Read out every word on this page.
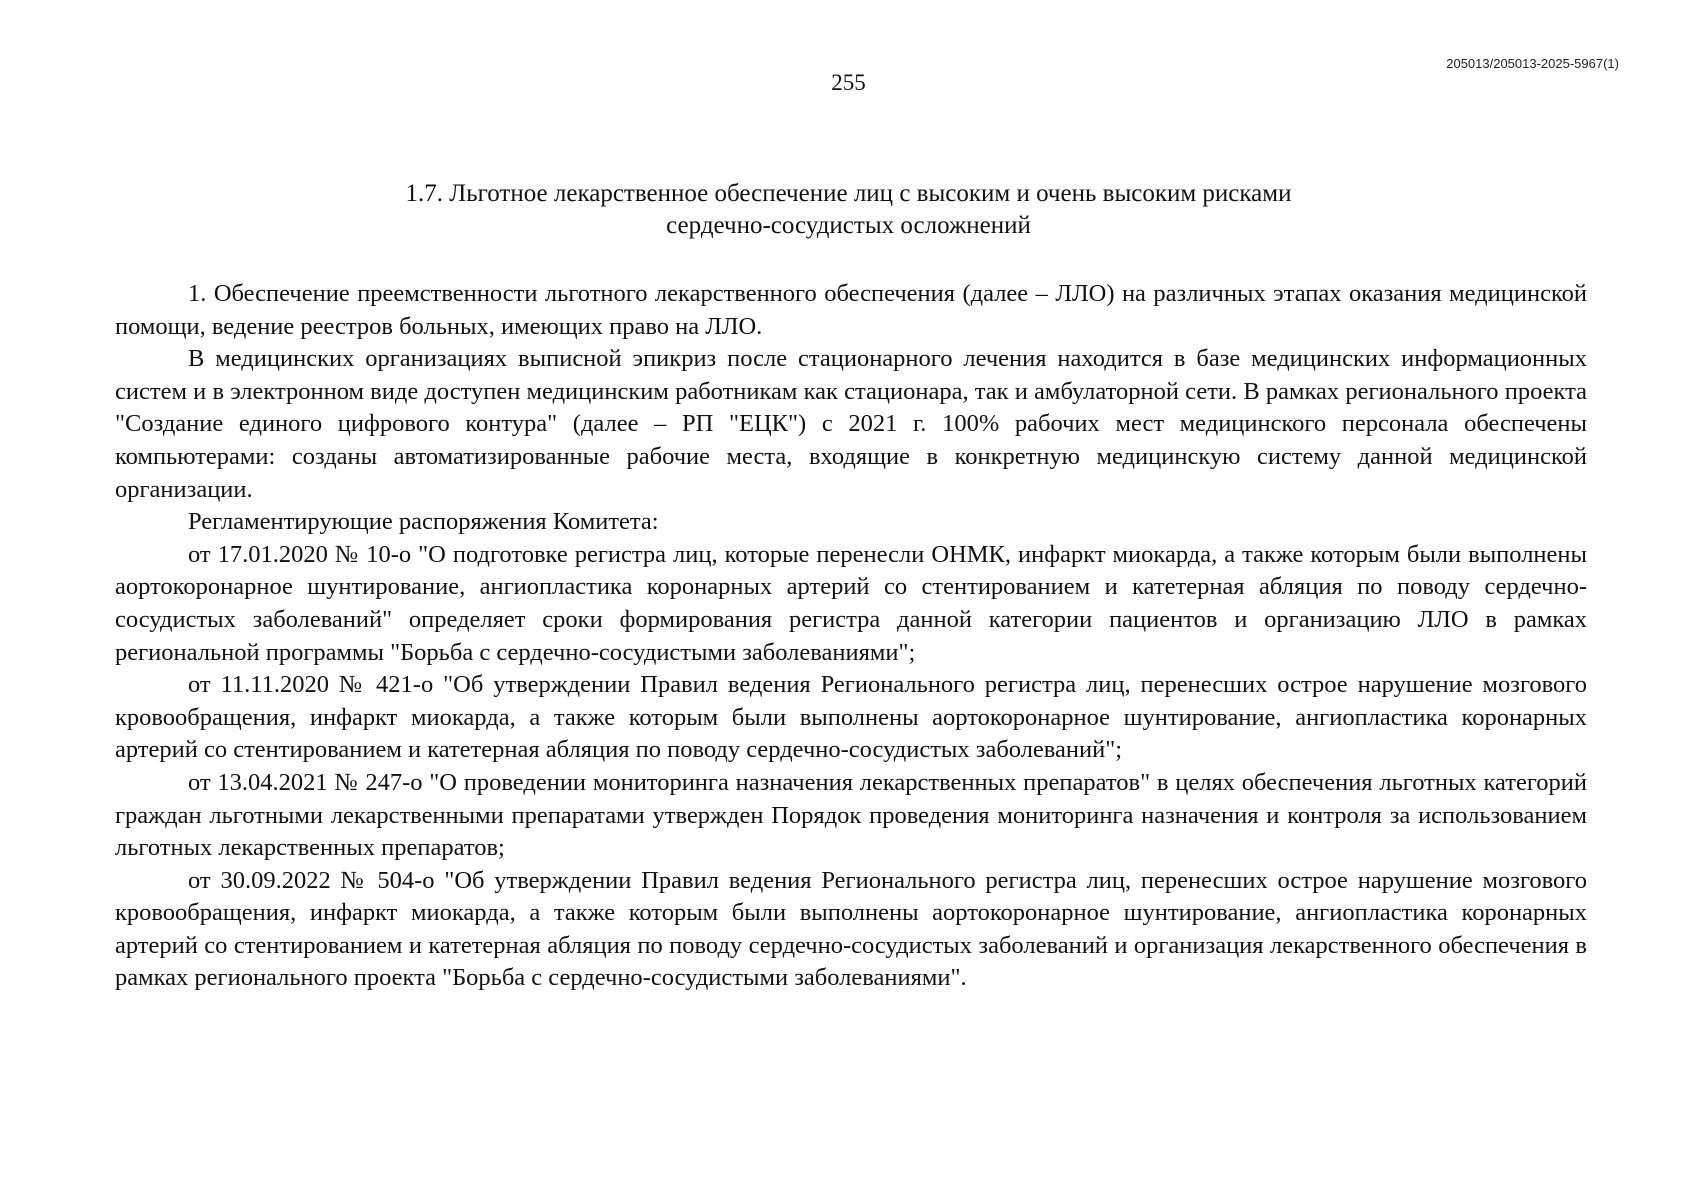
205013/205013-2025-5967(1)
255
1.7. Льготное лекарственное обеспечение лиц с высоким и очень высоким рисками
сердечно-сосудистых осложнений

1. Обеспечение преемственности льготного лекарственного обеспечения (далее – ЛЛО) на различных этапах оказания медицинской помощи, ведение реестров больных, имеющих право на ЛЛО.

В медицинских организациях выписной эпикриз после стационарного лечения находится в базе медицинских информационных систем и в электронном виде доступен медицинским работникам как стационара, так и амбулаторной сети. В рамках регионального проекта "Создание единого цифрового контура" (далее – РП "ЕЦК") с 2021 г. 100% рабочих мест медицинского персонала обеспечены компьютерами: созданы автоматизированные рабочие места, входящие в конкретную медицинскую систему данной медицинской организации.

Регламентирующие распоряжения Комитета:

от 17.01.2020 № 10-о "О подготовке регистра лиц, которые перенесли ОНМК, инфаркт миокарда, а также которым были выполнены аортокоронарное шунтирование, ангиопластика коронарных артерий со стентированием и катетерная абляция по поводу сердечно-сосудистых заболеваний" определяет сроки формирования регистра данной категории пациентов и организацию ЛЛО в рамках региональной программы "Борьба с сердечно-сосудистыми заболеваниями";

от 11.11.2020 № 421-о "Об утверждении Правил ведения Регионального регистра лиц, перенесших острое нарушение мозгового кровообращения, инфаркт миокарда, а также которым были выполнены аортокоронарное шунтирование, ангиопластика коронарных артерий со стентированием и катетерная абляция по поводу сердечно-сосудистых заболеваний";

от 13.04.2021 № 247-о "О проведении мониторинга назначения лекарственных препаратов" в целях обеспечения льготных категорий граждан льготными лекарственными препаратами утвержден Порядок проведения мониторинга назначения и контроля за использованием льготных лекарственных препаратов;

от 30.09.2022 № 504-о "Об утверждении Правил ведения Регионального регистра лиц, перенесших острое нарушение мозгового кровообращения, инфаркт миокарда, а также которым были выполнены аортокоронарное шунтирование, ангиопластика коронарных артерий со стентированием и катетерная абляция по поводу сердечно-сосудистых заболеваний и организация лекарственного обеспечения в рамках регионального проекта "Борьба с сердечно-сосудистыми заболеваниями".
